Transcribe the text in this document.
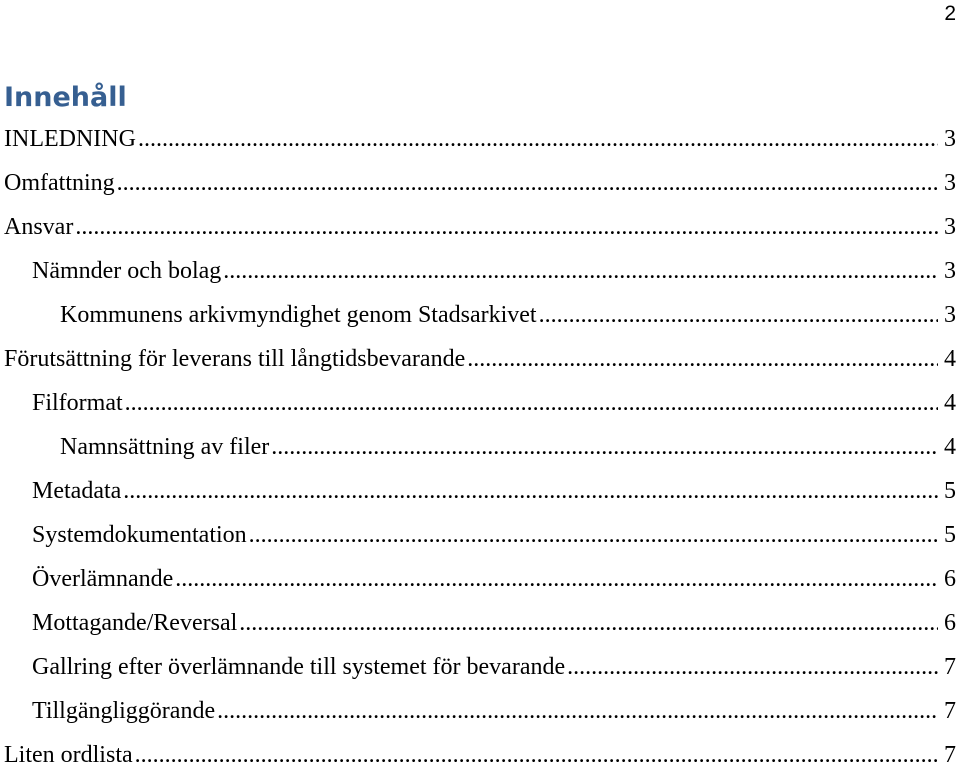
2
Innehåll
INLEDNING .....	3
Omfattning .....	3
Ansvar .....	3
Nämnder och bolag .....	3
Kommunens arkivmyndighet genom Stadsarkivet .....	3
Förutsättning för leverans till långtidsbevarande .....	4
Filformat .....	4
Namnsättning av filer .....	4
Metadata .....	5
Systemdokumentation .....	5
Överlämnande .....	6
Mottagande/Reversal .....	6
Gallring efter överlämnande till systemet för bevarande .....	7
Tillgängliggörande .....	7
Liten ordlista .....	7
